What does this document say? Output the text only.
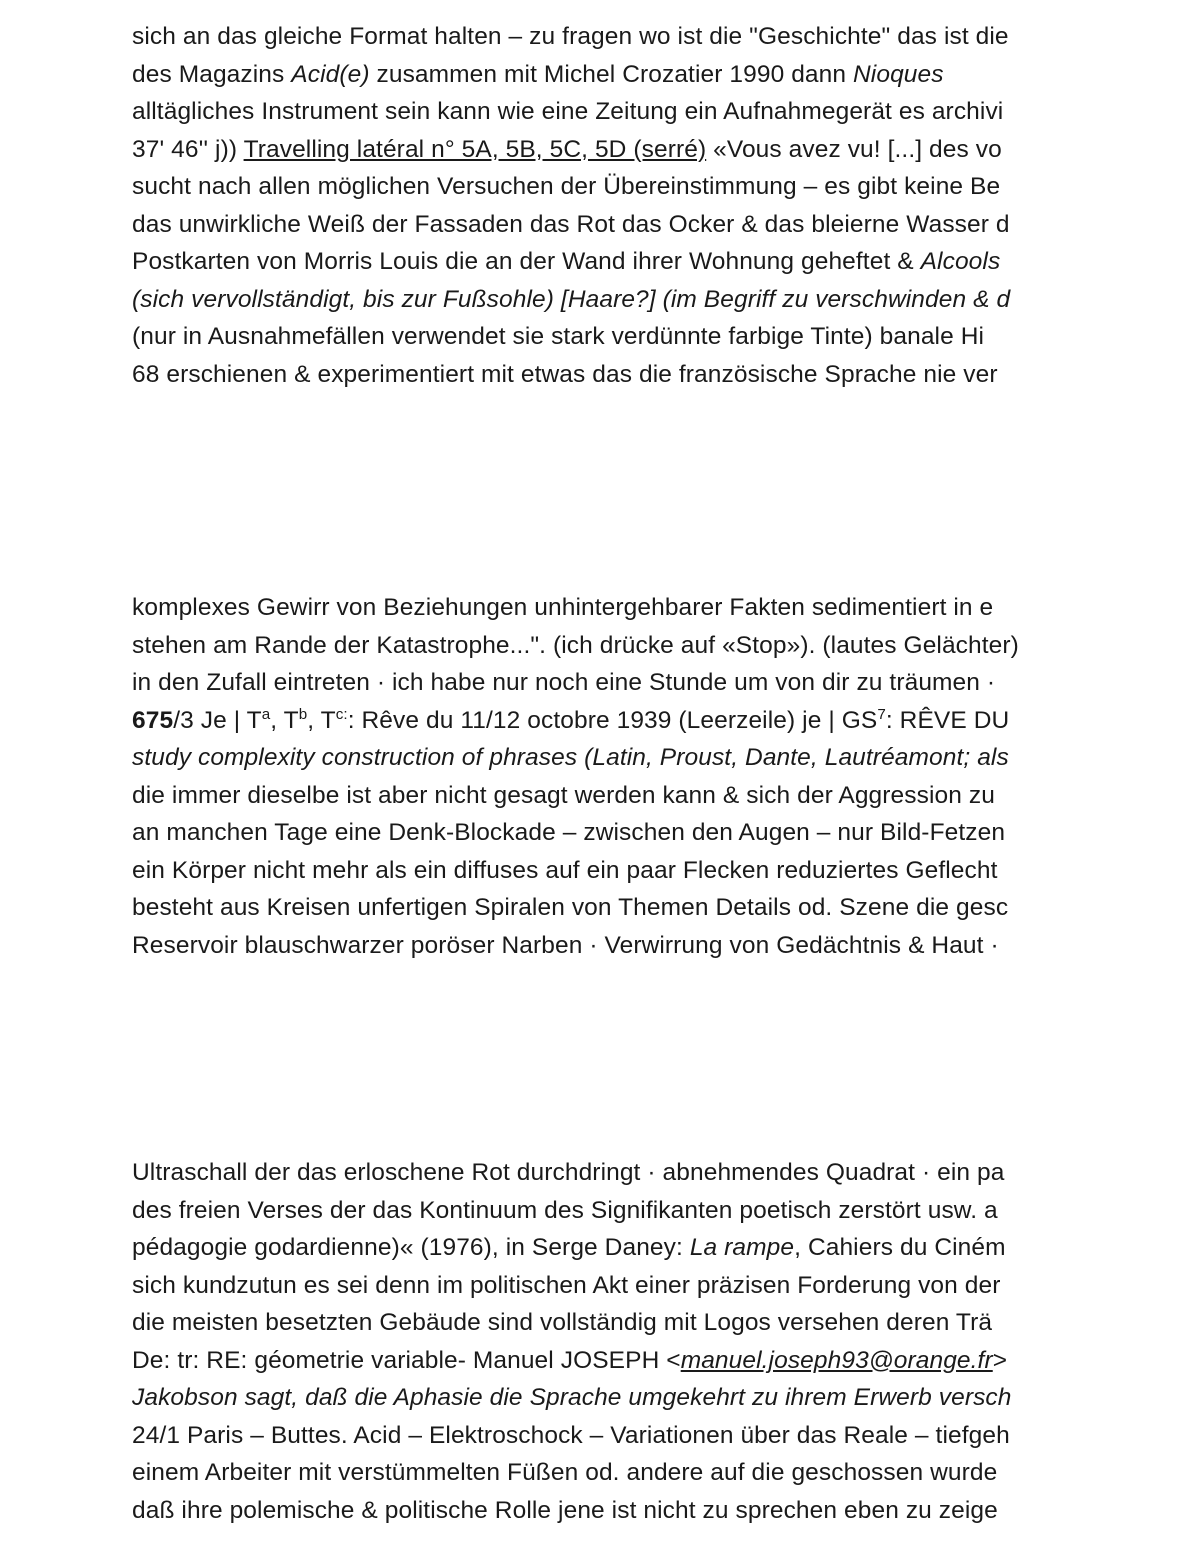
sich an das gleiche Format halten – zu fragen wo ist die "Geschichte" das ist die
des Magazins Acid(e) zusammen mit Michel Crozatier 1990 dann Nioques
alltägliches Instrument sein kann wie eine Zeitung ein Aufnahmegerät es archivi
37' 46'' j)) Travelling latéral n° 5A, 5B, 5C, 5D (serré) «Vous avez vu! [...] des vo
sucht nach allen möglichen Versuchen der Übereinstimmung – es gibt keine Be
das unwirkliche Weiß der Fassaden das Rot das Ocker & das bleierne Wasser d
Postkarten von Morris Louis die an der Wand ihrer Wohnung geheftet & Alcools
(sich vervollständigt, bis zur Fußsohle) [Haare?] (im Begriff zu verschwinden & d
(nur in Ausnahmefällen verwendet sie stark verdünnte farbige Tinte) banale Hi
68 erschienen & experimentiert mit etwas das die französische Sprache nie ver
komplexes Gewirr von Beziehungen unhintergehbarer Fakten sedimentiert in e
stehen am Rande der Katastrophe...". (ich drücke auf «Stop»). (lautes Gelächter)
in den Zufall eintreten · ich habe nur noch eine Stunde um von dir zu träumen ·
675/3 Je | $T^a$, $T^b$, $T^{c:}$: Rêve du 11/12 octobre 1939 (Leerzeile) je | $GS^7$: RÊVE DU
study complexity construction of phrases (Latin, Proust, Dante, Lautréamont; als
die immer dieselbe ist aber nicht gesagt werden kann & sich der Aggression zu
an manchen Tage eine Denk-Blockade – zwischen den Augen – nur Bild-Fetzen
ein Körper nicht mehr als ein diffuses auf ein paar Flecken reduziertes Geflecht
besteht aus Kreisen unfertigen Spiralen von Themen Details od. Szene die gesc
Reservoir blauschwarzer poröser Narben · Verwirrung von Gedächtnis & Haut ·
Ultraschall der das erloschene Rot durchdringt · abnehmendes Quadrat · ein pa
des freien Verses der das Kontinuum des Signifikanten poetisch zerstört usw. a
pédagogie godardienne)« (1976), in Serge Daney: La rampe, Cahiers du Ciném
sich kundzutun es sei denn im politischen Akt einer präzisen Forderung von der
die meisten besetzten Gebäude sind vollständig mit Logos versehen deren Trä
De: tr: RE: géometrie variable- Manuel JOSEPH <manuel.joseph93@orange.fr>
Jakobson sagt, daß die Aphasie die Sprache umgekehrt zu ihrem Erwerb versch
24/1 Paris – Buttes. Acid – Elektroschock – Variationen über das Reale – tiefgeh
einem Arbeiter mit verstümmelten Füßen od. andere auf die geschossen wurde
daß ihre polemische & politische Rolle jene ist nicht zu sprechen eben zu zeige
